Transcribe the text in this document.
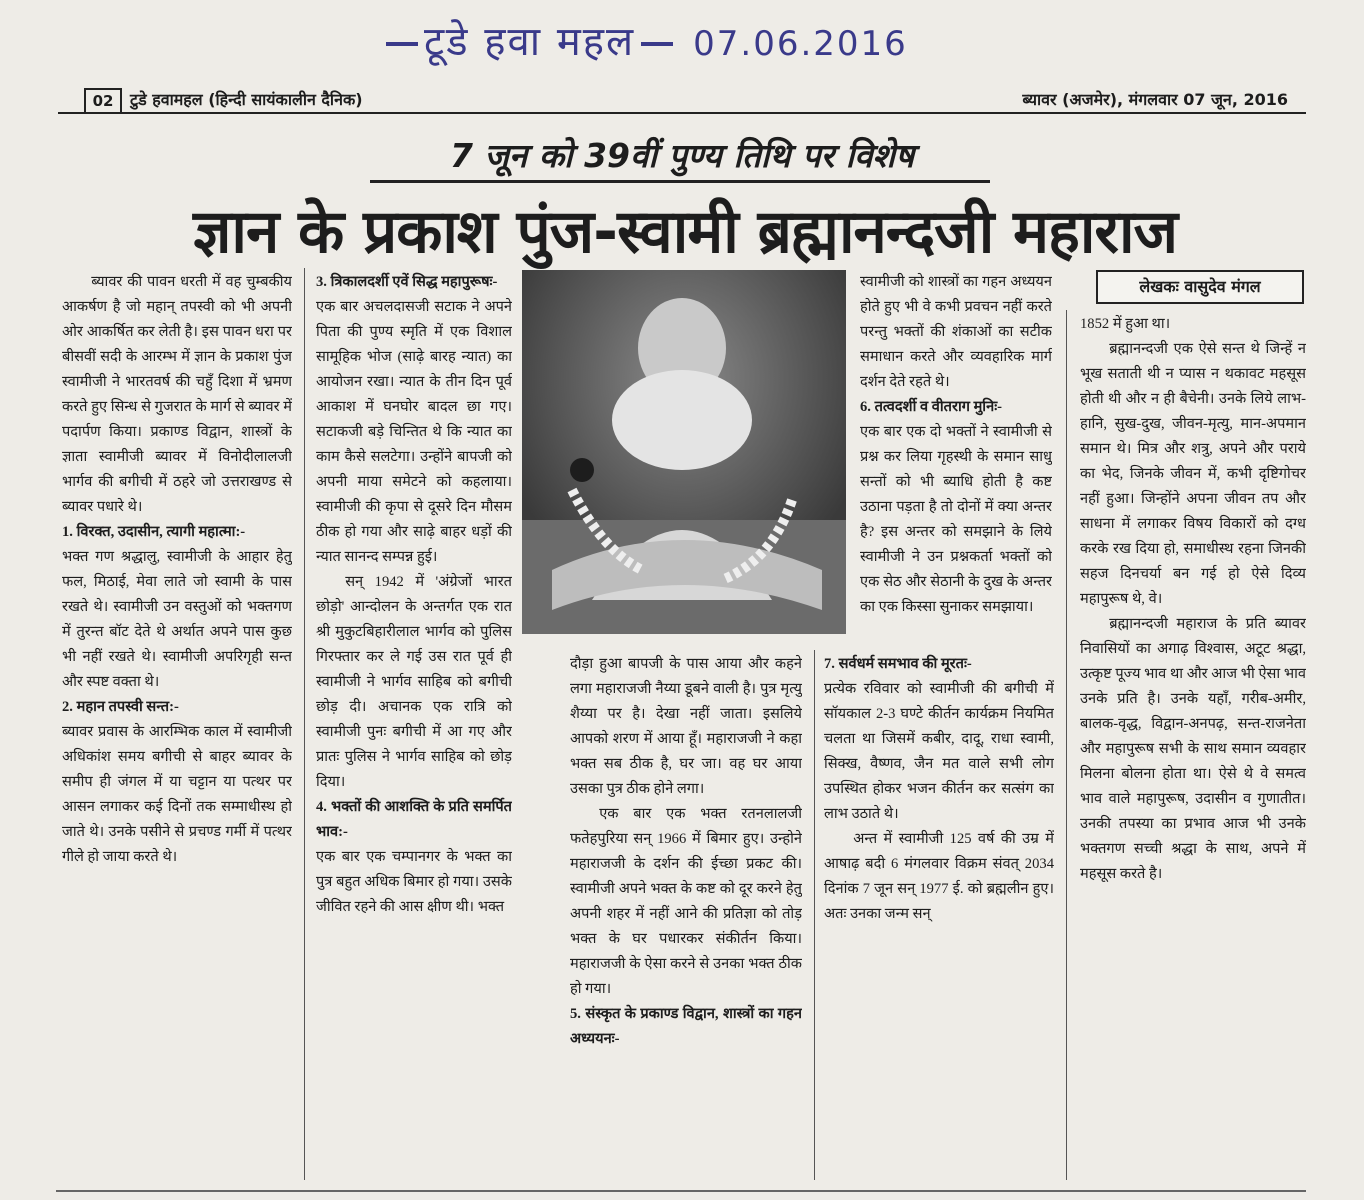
टूडे हवा महल 07.06.2016
02	टुडे हवामहल (हिन्दी सायंकालीन दैनिक)	ब्यावर (अजमेर), मंगलवार 07 जून, 2016
7 जून को 39वीं पुण्य तिथि पर विशेष
ज्ञान के प्रकाश पुंज-स्वामी ब्रह्मानन्दजी महाराज

ब्यावर की पावन धरती में वह चुम्बकीय आकर्षण है जो महान् तपस्वी को भी अपनी ओर आकर्षित कर लेती है। इस पावन धरा पर बीसवीं सदी के आरम्भ में ज्ञान के प्रकाश पुंज स्वामीजी ने भारतवर्ष की चहुँ दिशा में भ्रमण करते हुए सिन्ध से गुजरात के मार्ग से ब्यावर में पदार्पण किया। प्रकाण्ड विद्वान, शास्त्रों के ज्ञाता स्वामीजी ब्यावर में विनोदीलालजी भार्गव की बगीची में ठहरे जो उत्तराखण्ड से ब्यावर पधारे थे।

1. विरक्त, उदासीन, त्यागी महात्मा:-

भक्त गण श्रद्धालु, स्वामीजी के आहार हेतु फल, मिठाई, मेवा लाते जो स्वामी के पास रखते थे। स्वामीजी उन वस्तुओं को भक्तगण में तुरन्त बॉट देते थे अर्थात अपने पास कुछ भी नहीं रखते थे। स्वामीजी अपरिगृही सन्त और स्पष्ट वक्ता थे।

2. महान तपस्वी सन्त:-

ब्यावर प्रवास के आरम्भिक काल में स्वामीजी अधिकांश समय बगीची से बाहर ब्यावर के समीप ही जंगल में या चट्टान या पत्थर पर आसन लगाकर कई दिनों तक सम्माधीस्थ हो जाते थे। उनके पसीने से प्रचण्ड गर्मी में पत्थर गीले हो जाया करते थे।

3. त्रिकालदर्शी एवें सिद्ध महापुरूषः-

एक बार अचलदासजी सटाक ने अपने पिता की पुण्य स्मृति में एक विशाल सामूहिक भोज (साढ़े बारह न्यात) का आयोजन रखा। न्यात के तीन दिन पूर्व आकाश में घनघोर बादल छा गए। सटाकजी बड़े चिन्तित थे कि न्यात का काम कैसे सलटेगा। उन्होंने बापजी को अपनी माया समेटने को कहलाया। स्वामीजी की कृपा से दूसरे दिन मौसम ठीक हो गया और साढ़े बाहर धड़ों की न्यात सानन्द सम्पन्न हुई।

सन् 1942 में 'अंग्रेजों भारत छोड़ो' आन्दोलन के अन्तर्गत एक रात श्री मुकुटबिहारीलाल भार्गव को पुलिस गिरफ्तार कर ले गई उस रात पूर्व ही स्वामीजी ने भार्गव साहिब को बगीची छोड़ दी। अचानक एक रात्रि को स्वामीजी पुनः बगीची में आ गए और प्रातः पुलिस ने भार्गव साहिब को छोड़ दिया।

4. भक्तों की आशक्ति के प्रति समर्पित भाव:-

एक बार एक चम्पानगर के भक्त का पुत्र बहुत अधिक बिमार हो गया। उसके जीवित रहने की आस क्षीण थी। भक्त

दौड़ा हुआ बापजी के पास आया और कहने लगा महाराजजी नैय्या डूबने वाली है। पुत्र मृत्यु शैय्या पर है। देखा नहीं जाता। इसलिये आपको शरण में आया हूँ। महाराजजी ने कहा भक्त सब ठीक है, घर जा। वह घर आया उसका पुत्र ठीक होने लगा।

एक बार एक भक्त रतनलालजी फतेहपुरिया सन् 1966 में बिमार हुए। उन्होने महाराजजी के दर्शन की ईच्छा प्रकट की। स्वामीजी अपने भक्त के कष्ट को दूर करने हेतु अपनी शहर में नहीं आने की प्रतिज्ञा को तोड़ भक्त के घर पधारकर संकीर्तन किया। महाराजजी के ऐसा करने से उनका भक्त ठीक हो गया।

5. संस्कृत के प्रकाण्ड विद्वान, शास्त्रों का गहन अध्ययनः-

स्वामीजी को शास्त्रों का गहन अध्ययन होते हुए भी वे कभी प्रवचन नहीं करते परन्तु भक्तों की शंकाओं का सटीक समाधान करते और व्यवहारिक मार्ग दर्शन देते रहते थे।

6. तत्वदर्शी व वीतराग मुनिः-

एक बार एक दो भक्तों ने स्वामीजी से प्रश्न कर लिया गृहस्थी के समान साधु सन्तों को भी ब्याधि होती है कष्ट उठाना पड़ता है तो दोनों में क्या अन्तर है? इस अन्तर को समझाने के लिये स्वामीजी ने उन प्रश्नकर्ता भक्तों को एक सेठ और सेठानी के दुख के अन्तर का एक किस्सा सुनाकर समझाया।

7. सर्वधर्म समभाव की मूरतः-

प्रत्येक रविवार को स्वामीजी की बगीची में सॉयकाल 2-3 घण्टे कीर्तन कार्यक्रम नियमित चलता था जिसमें कबीर, दादू, राधा स्वामी, सिक्ख, वैष्णव, जैन मत वाले सभी लोग उपस्थित होकर भजन कीर्तन कर सत्संग का लाभ उठाते थे।

अन्त में स्वामीजी 125 वर्ष की उम्र में आषाढ़ बदी 6 मंगलवार विक्रम संवत् 2034 दिनांक 7 जून सन् 1977 ई. को ब्रह्मलीन हुए। अतः उनका जन्म सन्

लेखकः वासुदेव मंगल

1852 में हुआ था।

ब्रह्मानन्दजी एक ऐसे सन्त थे जिन्हें न भूख सताती थी न प्यास न थकावट महसूस होती थी और न ही बैचेनी। उनके लिये लाभ-हानि, सुख-दुख, जीवन-मृत्यु, मान-अपमान समान थे। मित्र और शत्रु, अपने और पराये का भेद, जिनके जीवन में, कभी दृष्टिगोचर नहीं हुआ। जिन्होंने अपना जीवन तप और साधना में लगाकर विषय विकारों को दग्ध करके रख दिया हो, समाधीस्थ रहना जिनकी सहज दिनचर्या बन गई हो ऐसे दिव्य महापुरूष थे, वे।

ब्रह्मानन्दजी महाराज के प्रति ब्यावर निवासियों का अगाढ़ विश्वास, अटूट श्रद्धा, उत्कृष्ट पूज्य भाव था और आज भी ऐसा भाव उनके प्रति है। उनके यहाँ, गरीब-अमीर, बालक-वृद्ध, विद्वान-अनपढ़, सन्त-राजनेता और महापुरूष सभी के साथ समान व्यवहार मिलना बोलना होता था। ऐसे थे वे समत्व भाव वाले महापुरूष, उदासीन व गुणातीत। उनकी तपस्या का प्रभाव आज भी उनके भक्तगण सच्ची श्रद्धा के साथ, अपने में महसूस करते है।
